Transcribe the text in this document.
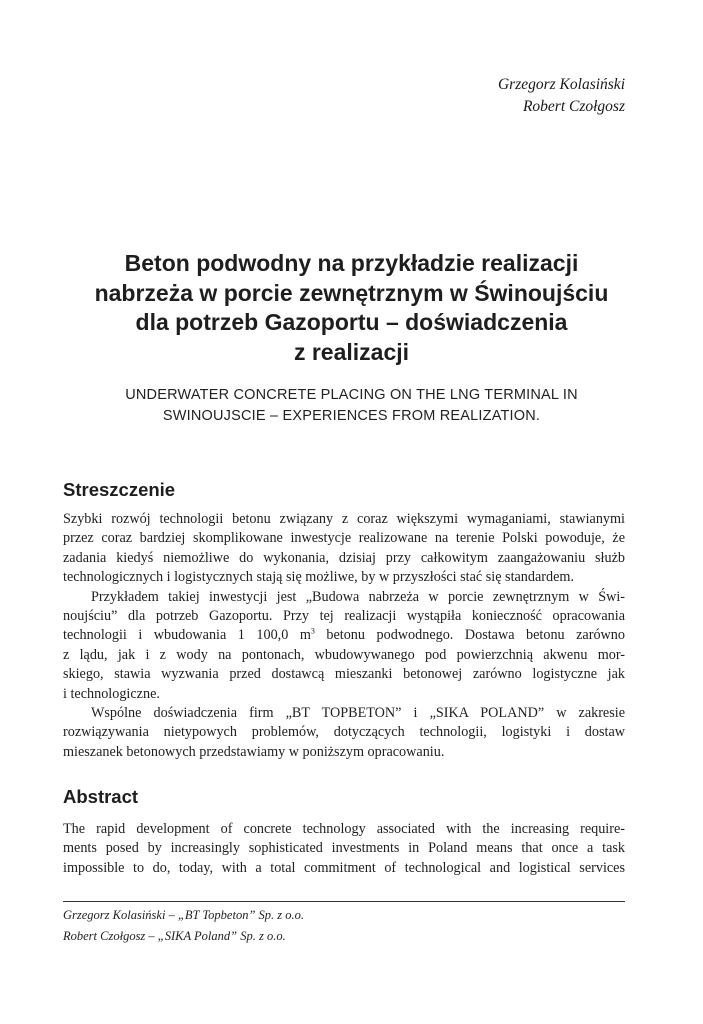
Grzegorz Kolasiński
Robert Czołgosz
Beton podwodny na przykładzie realizacji
nabrzeża w porcie zewnętrznym w Świnoujściu
dla potrzeb Gazoportu – doświadczenia
z realizacji
UNDERWATER CONCRETE PLACING ON THE LNG TERMINAL IN
SWINOUJSCIE – EXPERIENCES FROM REALIZATION.
Streszczenie
Szybki rozwój technologii betonu związany z coraz większymi wymaganiami, stawianymi
przez coraz bardziej skomplikowane inwestycje realizowane na terenie Polski powoduje, że
zadania kiedyś niemożliwe do wykonania, dzisiaj przy całkowitym zaangażowaniu służb
technologicznych i logistycznych stają się możliwe, by w przyszłości stać się standardem.
Przykładem takiej inwestycji jest „Budowa nabrzeża w porcie zewnętrznym w Świ-
noujściu” dla potrzeb Gazoportu. Przy tej realizacji wystąpiła konieczność opracowania
technologii i wbudowania 1 100,0 $m^3$ betonu podwodnego. Dostawa betonu zarówno
z lądu, jak i z wody na pontonach, wbudowywanego pod powierzchnią akwenu mor-
skiego, stawia wyzwania przed dostawcą mieszanki betonowej zarówno logistyczne jak
i technologiczne.
Wspólne doświadczenia firm „BT TOPBETON” i „SIKA POLAND” w zakresie
rozwiązywania nietypowych problemów, dotyczących technologii, logistyki i dostaw
mieszanek betonowych przedstawiamy w poniższym opracowaniu.
Abstract
The rapid development of concrete technology associated with the increasing require-
ments posed by increasingly sophisticated investments in Poland means that once a task
impossible to do, today, with a total commitment of technological and logistical services
Grzegorz Kolasiński – „BT Topbeton” Sp. z o.o.
Robert Czołgosz – „SIKA Poland” Sp. z o.o.
